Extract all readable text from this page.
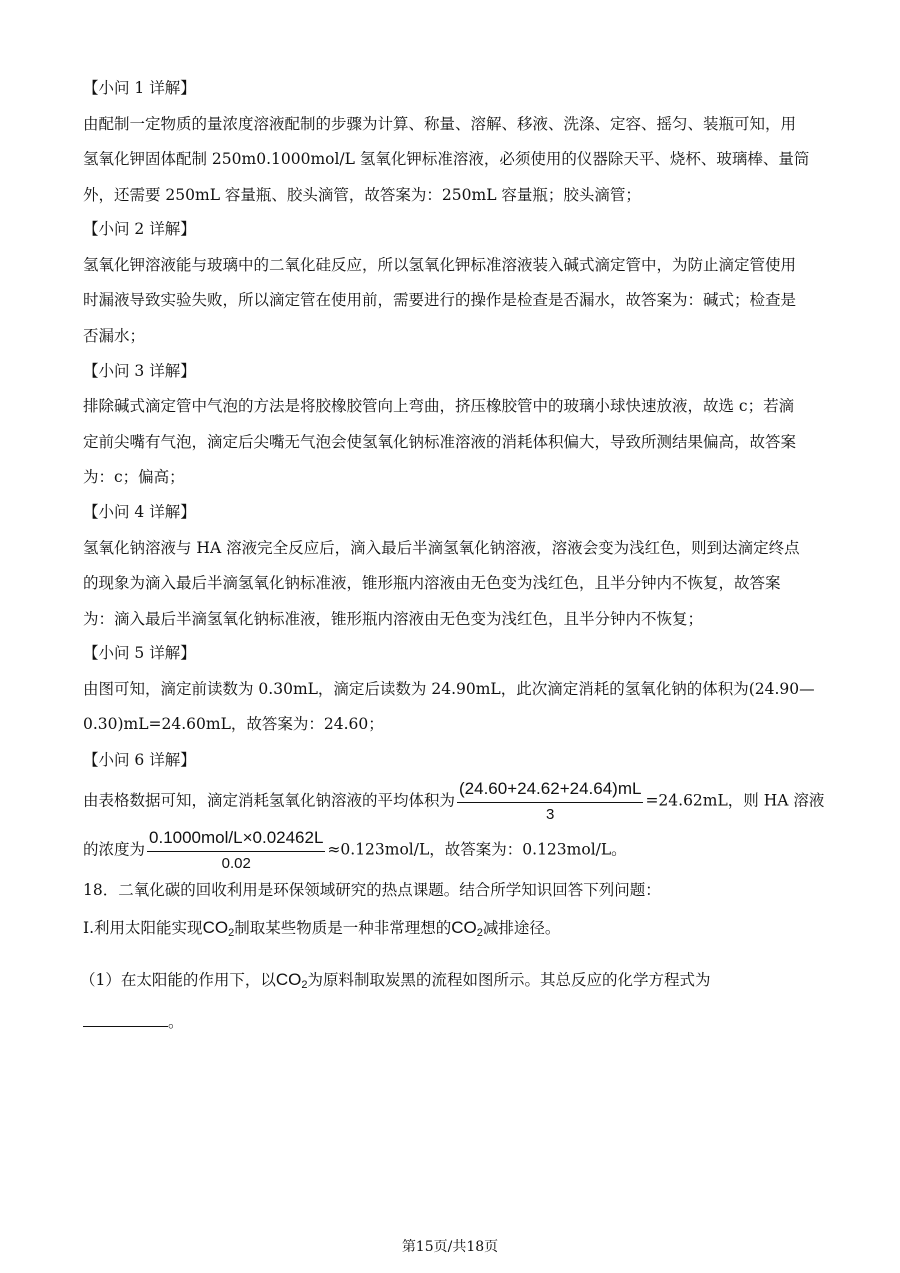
【小问 1 详解】
由配制一定物质的量浓度溶液配制的步骤为计算、称量、溶解、移液、洗涤、定容、摇匀、装瓶可知，用
氢氧化钾固体配制 250m0.1000mol/L 氢氧化钾标准溶液，必须使用的仪器除天平、烧杯、玻璃棒、量筒
外，还需要 250mL 容量瓶、胶头滴管，故答案为：250mL 容量瓶；胶头滴管；
【小问 2 详解】
氢氧化钾溶液能与玻璃中的二氧化硅反应，所以氢氧化钾标准溶液装入碱式滴定管中，为防止滴定管使用
时漏液导致实验失败，所以滴定管在使用前，需要进行的操作是检查是否漏水，故答案为：碱式；检查是
否漏水；
【小问 3 详解】
排除碱式滴定管中气泡的方法是将胶橡胶管向上弯曲，挤压橡胶管中的玻璃小球快速放液，故选 c；若滴
定前尖嘴有气泡，滴定后尖嘴无气泡会使氢氧化钠标准溶液的消耗体积偏大，导致所测结果偏高，故答案
为：c；偏高；
【小问 4 详解】
氢氧化钠溶液与 HA 溶液完全反应后，滴入最后半滴氢氧化钠溶液，溶液会变为浅红色，则到达滴定终点
的现象为滴入最后半滴氢氧化钠标准液，锥形瓶内溶液由无色变为浅红色，且半分钟内不恢复，故答案
为：滴入最后半滴氢氧化钠标准液，锥形瓶内溶液由无色变为浅红色，且半分钟内不恢复；
【小问 5 详解】
由图可知，滴定前读数为 0.30mL，滴定后读数为 24.90mL，此次滴定消耗的氢氧化钠的体积为(24.90—
0.30)mL=24.60mL，故答案为：24.60；
【小问 6 详解】
由表格数据可知，滴定消耗氢氧化钠溶液的平均体积为 $\frac{(24.60+24.62+24.64)mL}{3} =24.62mL$，则 HA 溶液
的浓度为 $\frac{\text{0.1000mol/L×0.02462L}}{0.02} \approx 0.123mol/L$，故答案为：0.123mol/L。
18．二氧化碳的回收利用是环保领域研究的热点课题。结合所学知识回答下列问题：
I.利用太阳能实现$CO_2$制取某些物质是一种非常理想的$CO_2$减排途径。
（1）在太阳能的作用下，以$CO_2$为原料制取炭黑的流程如图所示。其总反应的化学方程式为
。
第15页/共18页
